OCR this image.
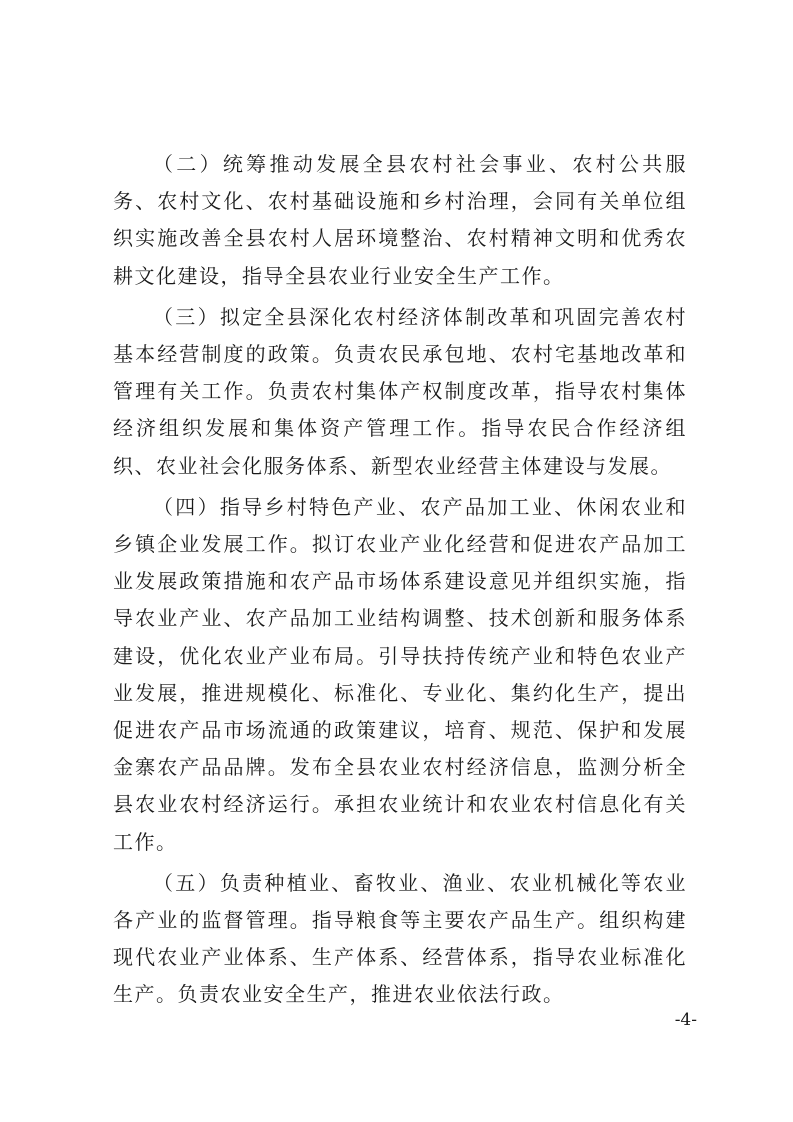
（二）统筹推动发展全县农村社会事业、农村公共服务、农村文化、农村基础设施和乡村治理，会同有关单位组织实施改善全县农村人居环境整治、农村精神文明和优秀农耕文化建设，指导全县农业行业安全生产工作。

（三）拟定全县深化农村经济体制改革和巩固完善农村基本经营制度的政策。负责农民承包地、农村宅基地改革和管理有关工作。负责农村集体产权制度改革，指导农村集体经济组织发展和集体资产管理工作。指导农民合作经济组织、农业社会化服务体系、新型农业经营主体建设与发展。

（四）指导乡村特色产业、农产品加工业、休闲农业和乡镇企业发展工作。拟订农业产业化经营和促进农产品加工业发展政策措施和农产品市场体系建设意见并组织实施，指导农业产业、农产品加工业结构调整、技术创新和服务体系建设，优化农业产业布局。引导扶持传统产业和特色农业产业发展，推进规模化、标准化、专业化、集约化生产，提出促进农产品市场流通的政策建议，培育、规范、保护和发展金寨农产品品牌。发布全县农业农村经济信息，监测分析全县农业农村经济运行。承担农业统计和农业农村信息化有关工作。

（五）负责种植业、畜牧业、渔业、农业机械化等农业各产业的监督管理。指导粮食等主要农产品生产。组织构建现代农业产业体系、生产体系、经营体系，指导农业标准化生产。负责农业安全生产，推进农业依法行政。

-4-
